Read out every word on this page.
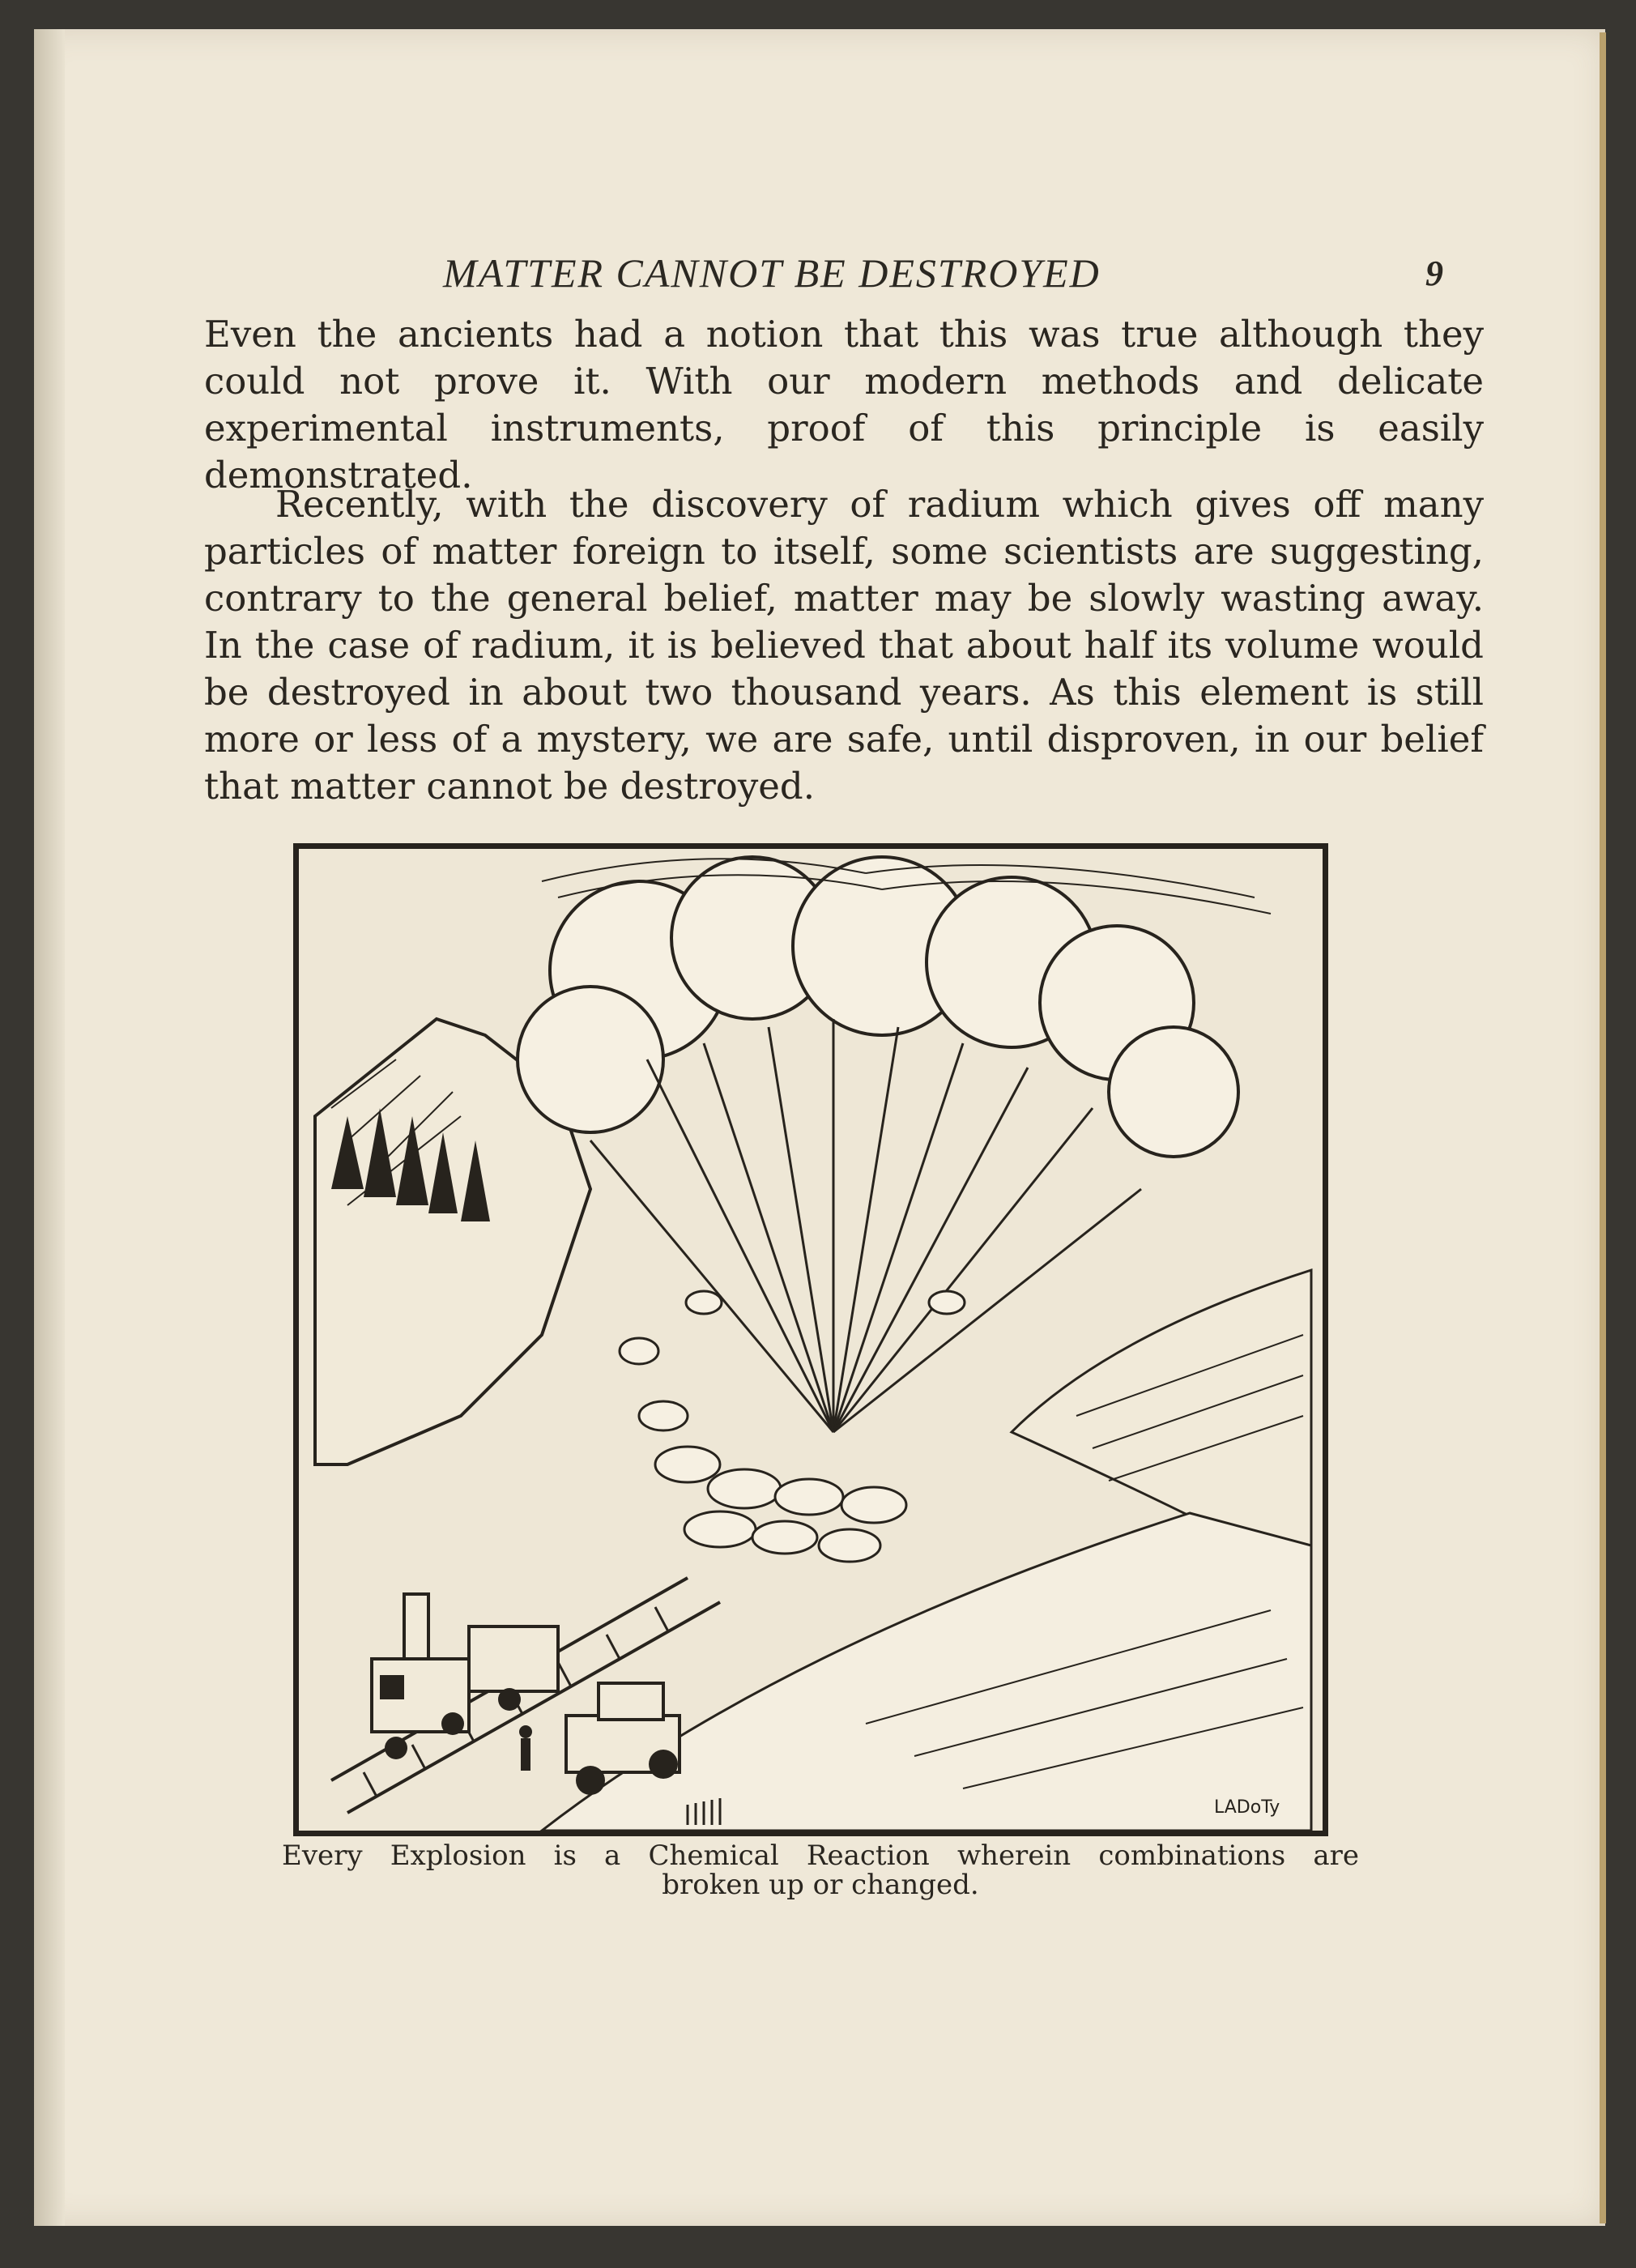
MATTER CANNOT BE DESTROYED	9

Even the ancients had a notion that this was true although they could not prove it. With our modern methods and delicate experimental instruments, proof of this principle is easily demonstrated.

Recently, with the discovery of radium which gives off many particles of matter foreign to itself, some scientists are suggesting, contrary to the general belief, matter may be slowly wasting away. In the case of radium, it is believed that about half its volume would be destroyed in about two thousand years. As this element is still more or less of a mystery, we are safe, until disproven, in our belief that matter cannot be destroyed.

LADoTy

Every Explosion is a Chemical Reaction wherein combinations are
broken up or changed.
